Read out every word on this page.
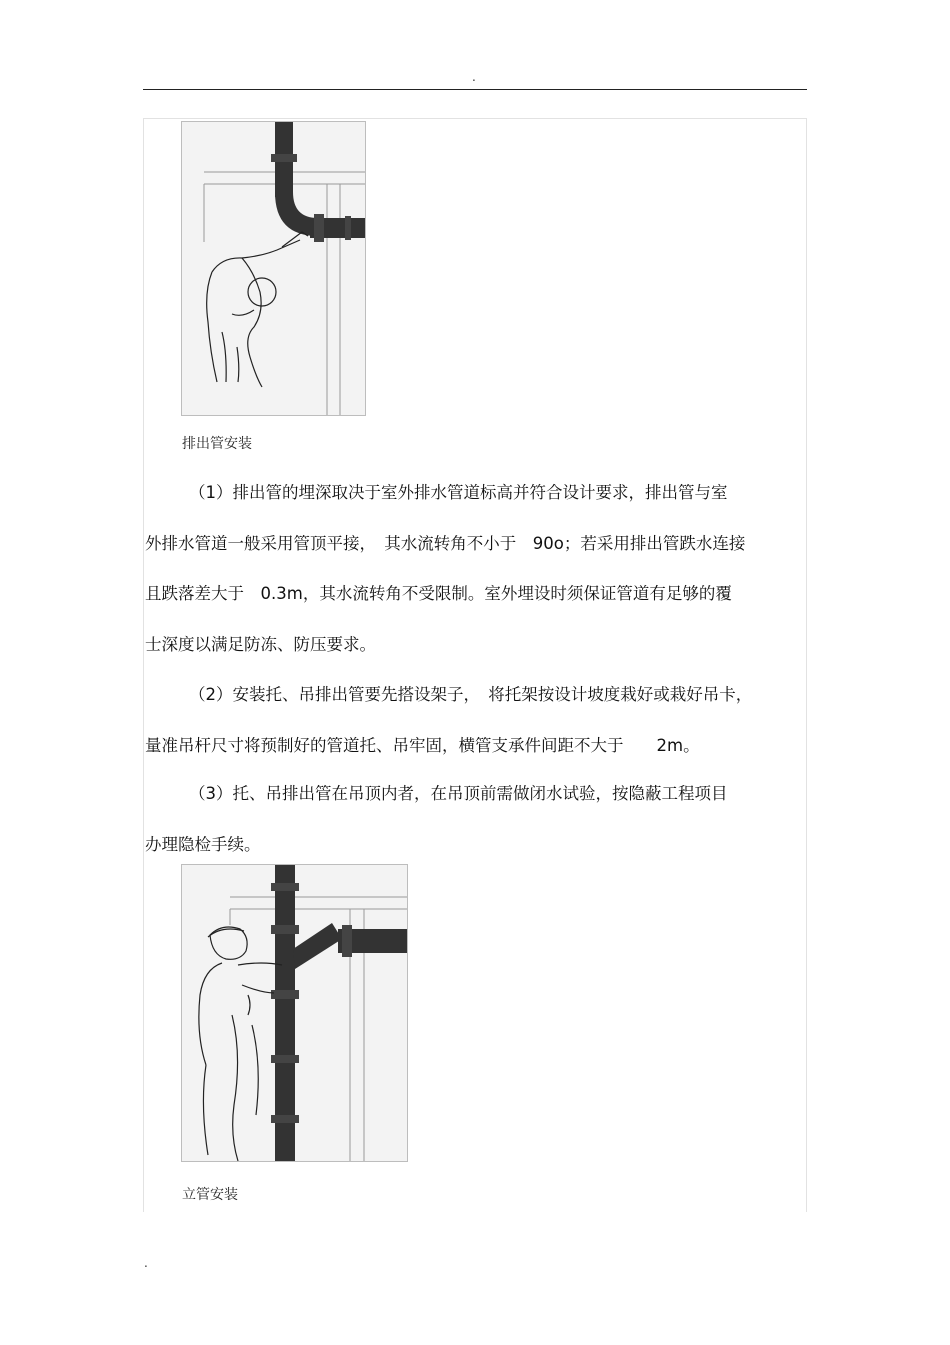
.
排出管安装
（1）排出管的埋深取决于室外排水管道标高并符合设计要求，排出管与室
外排水管道一般采用管顶平接，　其水流转角不小于　90o；若采用排出管跌水连接
且跌落差大于　0.3m，其水流转角不受限制。室外埋设时须保证管道有足够的覆
士深度以满足防冻、防压要求。
（2）安装托、吊排出管要先搭设架子，　将托架按设计坡度栽好或栽好吊卡，
量准吊杆尺寸将预制好的管道托、吊牢固，横管支承件间距不大于　　2m。
（3）托、吊排出管在吊顶内者，在吊顶前需做闭水试验，按隐蔽工程项目
办理隐检手续。
立管安装
.
